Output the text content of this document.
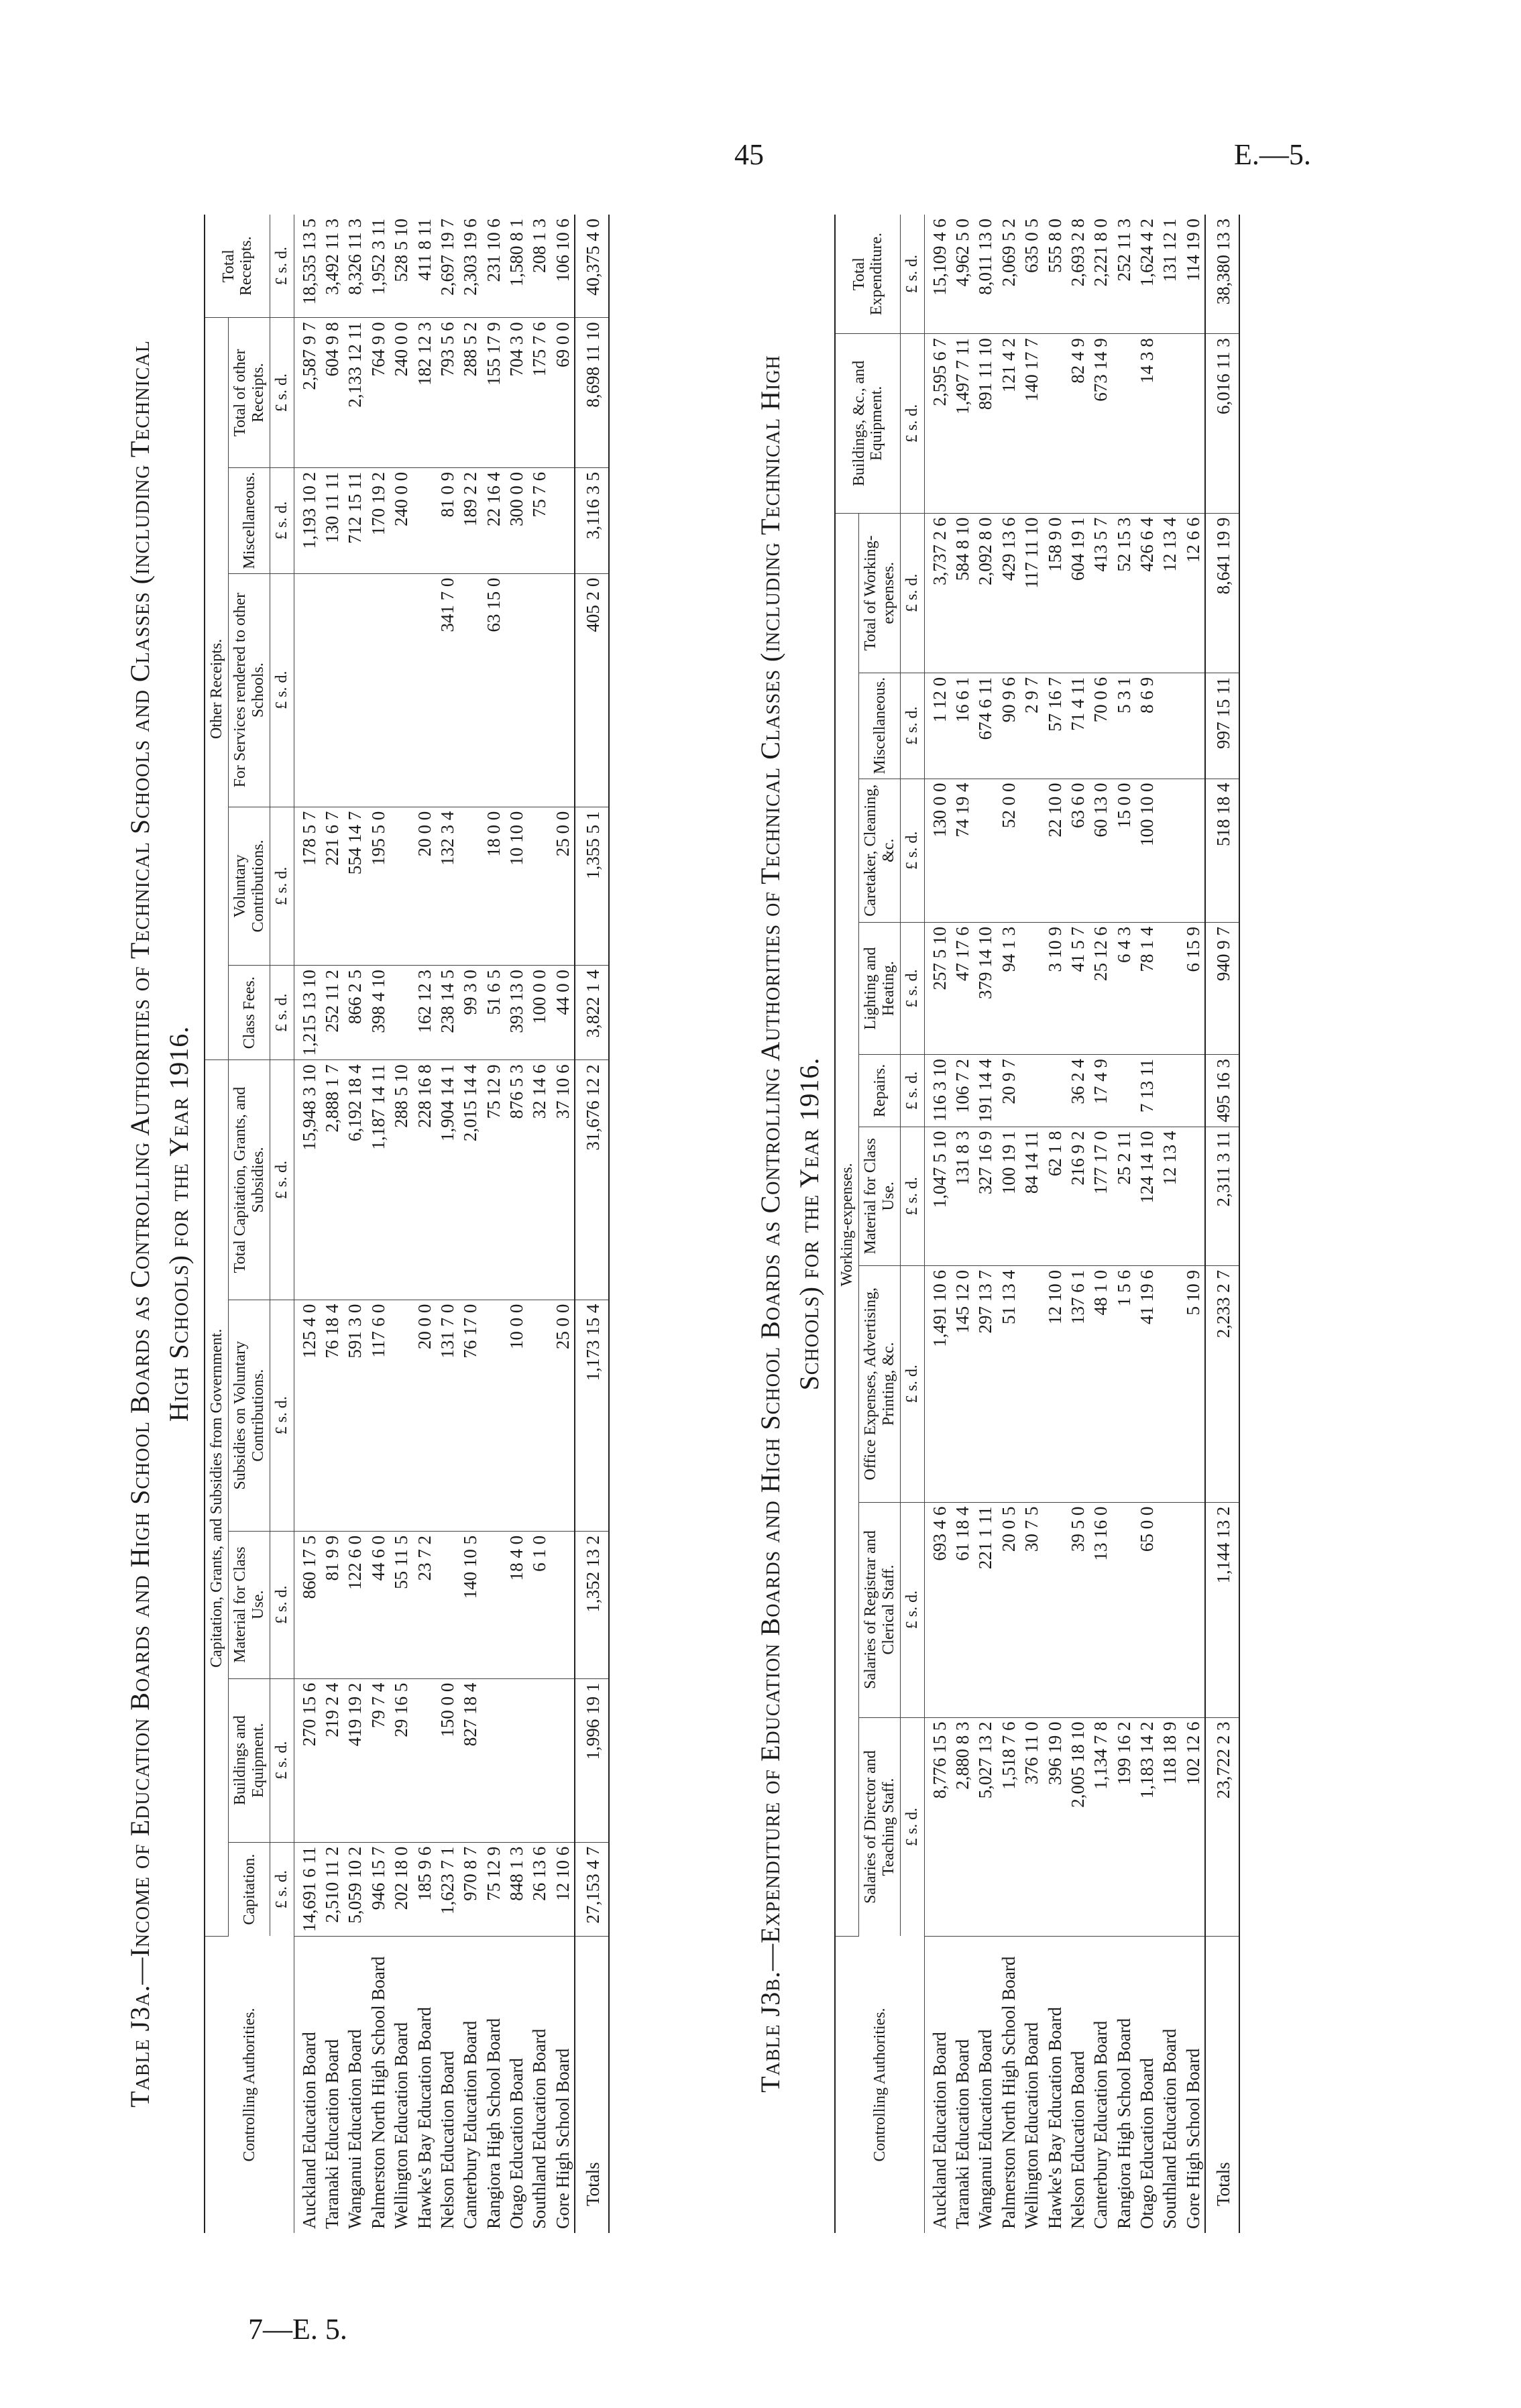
45	E.—5.
Table J3a.—Income of Education Boards and High School Boards as Controlling Authorities of Technical Schools and Classes (including Technical High Schools) for the Year 1916.
Controlling Authorities.	Capitation, Grants, and Subsidies from Government.					Other Receipts.					Total Receipts.
	Capitation.	Buildings and Equipment.	Material for Class Use.	Subsidies on Voluntary Contributions.	Total Capitation, Grants, and Subsidies.	Class Fees.	Voluntary Contributions.	For Services rendered to other Schools.	Miscellaneous.	Total of other Receipts.	
	£ s. d.	£ s. d.	£ s. d.	£ s. d.	£ s. d.	£ s. d.	£ s. d.	£ s. d.	£ s. d.	£ s. d.	£ s. d.
Auckland Education Board	14,691 6 11	270 15 6	860 17 5	125 4 0	15,948 3 10	1,215 13 10	178 5 7		1,193 10 2	2,587 9 7	18,535 13 5
Taranaki Education Board	2,510 11 2	219 2 4	81 9 9	76 18 4	2,888 1 7	252 11 2	221 6 7		130 11 11	604 9 8	3,492 11 3
Wanganui Education Board	5,059 10 2	419 19 2	122 6 0	591 3 0	6,192 18 4	866 2 5	554 14 7		712 15 11	2,133 12 11	8,326 11 3
Palmerston North High School Board	946 15 7	79 7 4	44 6 0	117 6 0	1,187 14 11	398 4 10	195 5 0		170 19 2	764 9 0	1,952 3 11
Wellington Education Board	202 18 0	29 16 5	55 11 5		288 5 10				240 0 0	240 0 0	528 5 10
Hawke's Bay Education Board	185 9 6		23 7 2	20 0 0	228 16 8	162 12 3	20 0 0			182 12 3	411 8 11
Nelson Education Board	1,623 7 1	150 0 0		131 7 0	1,904 14 1	238 14 5	132 3 4	341 7 0	81 0 9	793 5 6	2,697 19 7
Canterbury Education Board	970 8 7	827 18 4	140 10 5	76 17 0	2,015 14 4	99 3 0			189 2 2	288 5 2	2,303 19 6
Rangiora High School Board	75 12 9				75 12 9	51 6 5	18 0 0	63 15 0	22 16 4	155 17 9	231 10 6
Otago Education Board	848 1 3		18 4 0	10 0 0	876 5 3	393 13 0	10 10 0		300 0 0	704 3 0	1,580 8 1
Southland Education Board	26 13 6		6 1 0		32 14 6	100 0 0			75 7 6	175 7 6	208 1 3
Gore High School Board	12 10 6			25 0 0	37 10 6	44 0 0	25 0 0			69 0 0	106 10 6
Totals	27,153 4 7	1,996 19 1	1,352 13 2	1,173 15 4	31,676 12 2	3,822 1 4	1,355 5 1	405 2 0	3,116 3 5	8,698 11 10	40,375 4 0
Table J3b.—Expenditure of Education Boards and High School Boards as Controlling Authorities of Technical Classes (including Technical High Schools) for the Year 1916.
Controlling Authorities.	Working-expenses.									Buildings, &c., and Equipment.	Total Expenditure.
	Salaries of Director and Teaching Staff.	Salaries of Registrar and Clerical Staff.	Office Expenses, Advertising, Printing, &c.	Material for Class Use.	Repairs.	Lighting and Heating.	Caretaker, Cleaning, &c.	Miscellaneous.	Total of Working-expenses.		
	£ s. d.	£ s. d.	£ s. d.	£ s. d.	£ s. d.	£ s. d.	£ s. d.	£ s. d.	£ s. d.	£ s. d.	£ s. d.
Auckland Education Board	8,776 15 5	693 4 6	1,491 10 6	1,047 5 10	116 3 10	257 5 10	130 0 0	1 12 0	3,737 2 6	2,595 6 7	15,109 4 6
Taranaki Education Board	2,880 8 3	61 18 4	145 12 0	131 8 3	106 7 2	47 17 6	74 19 4	16 6 1	584 8 10	1,497 7 11	4,962 5 0
Wanganui Education Board	5,027 13 2	221 1 11	297 13 7	327 16 9	191 14 4	379 14 10		674 6 11	2,092 8 0	891 11 10	8,011 13 0
Palmerston North High School Board	1,518 7 6	20 0 5	51 13 4	100 19 1	20 9 7	94 1 3	52 0 0	90 9 6	429 13 6	121 4 2	2,069 5 2
Wellington Education Board	376 11 0	30 7 5		84 14 11				2 9 7	117 11 10	140 17 7	635 0 5
Hawke's Bay Education Board	396 19 0		12 10 0	62 1 8		3 10 9	22 10 0	57 16 7	158 9 0		555 8 0
Nelson Education Board	2,005 18 10	39 5 0	137 6 1	216 9 2	36 2 4	41 5 7	63 6 0	71 4 11	604 19 1	82 4 9	2,693 2 8
Canterbury Education Board	1,134 7 8	13 16 0	48 1 0	177 17 0	17 4 9	25 12 6	60 13 0	70 0 6	413 5 7	673 14 9	2,221 8 0
Rangiora High School Board	199 16 2		1 5 6	25 2 11		6 4 3	15 0 0	5 3 1	52 15 3		252 11 3
Otago Education Board	1,183 14 2	65 0 0	41 19 6	124 14 10	7 13 11	78 1 4	100 10 0	8 6 9	426 6 4	14 3 8	1,624 4 2
Southland Education Board	118 18 9			12 13 4					12 13 4		131 12 1
Gore High School Board	102 12 6		5 10 9			6 15 9			12 6 6		114 19 0
Totals	23,722 2 3	1,144 13 2	2,233 2 7	2,311 3 11	495 16 3	940 9 7	518 18 4	997 15 11	8,641 19 9	6,016 11 3	38,380 13 3
7—E. 5.
